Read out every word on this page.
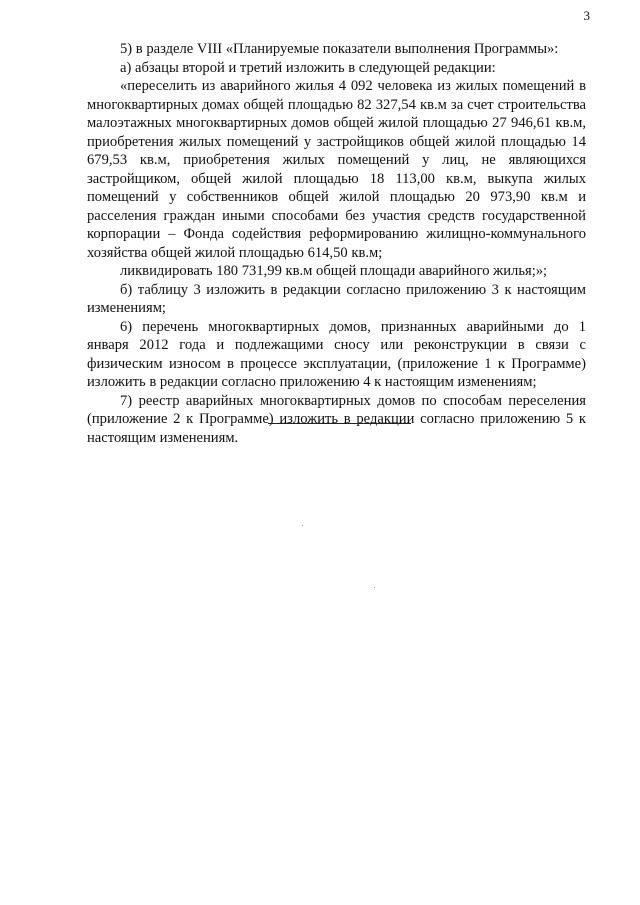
3

5) в разделе VIII «Планируемые показатели выполнения Программы»:

а) абзацы второй и третий изложить в следующей редакции:

«переселить из аварийного жилья 4 092 человека из жилых помещений в многоквартирных домах общей площадью 82 327,54 кв.м за счет строительства малоэтажных многоквартирных домов общей жилой площадью 27 946,61 кв.м, приобретения жилых помещений у застройщиков общей жилой площадью 14 679,53 кв.м, приобретения жилых помещений у лиц, не являющихся застройщиком, общей жилой площадью 18 113,00 кв.м, выкупа жилых помещений у собственников общей жилой площадью 20 973,90 кв.м и расселения граждан иными способами без участия средств государственной корпорации – Фонда содействия реформированию жилищно-коммунального хозяйства общей жилой площадью 614,50 кв.м;

ликвидировать 180 731,99 кв.м общей площади аварийного жилья;»;

б) таблицу 3 изложить в редакции согласно приложению 3 к настоящим изменениям;

6) перечень многоквартирных домов, признанных аварийными до 1 января 2012 года и подлежащими сносу или реконструкции в связи с физическим износом в процессе эксплуатации, (приложение 1 к Программе) изложить в редакции согласно приложению 4 к настоящим изменениям;

7) реестр аварийных многоквартирных домов по способам переселения (приложение 2 к Программе) изложить в редакции согласно приложению 5 к настоящим изменениям.
